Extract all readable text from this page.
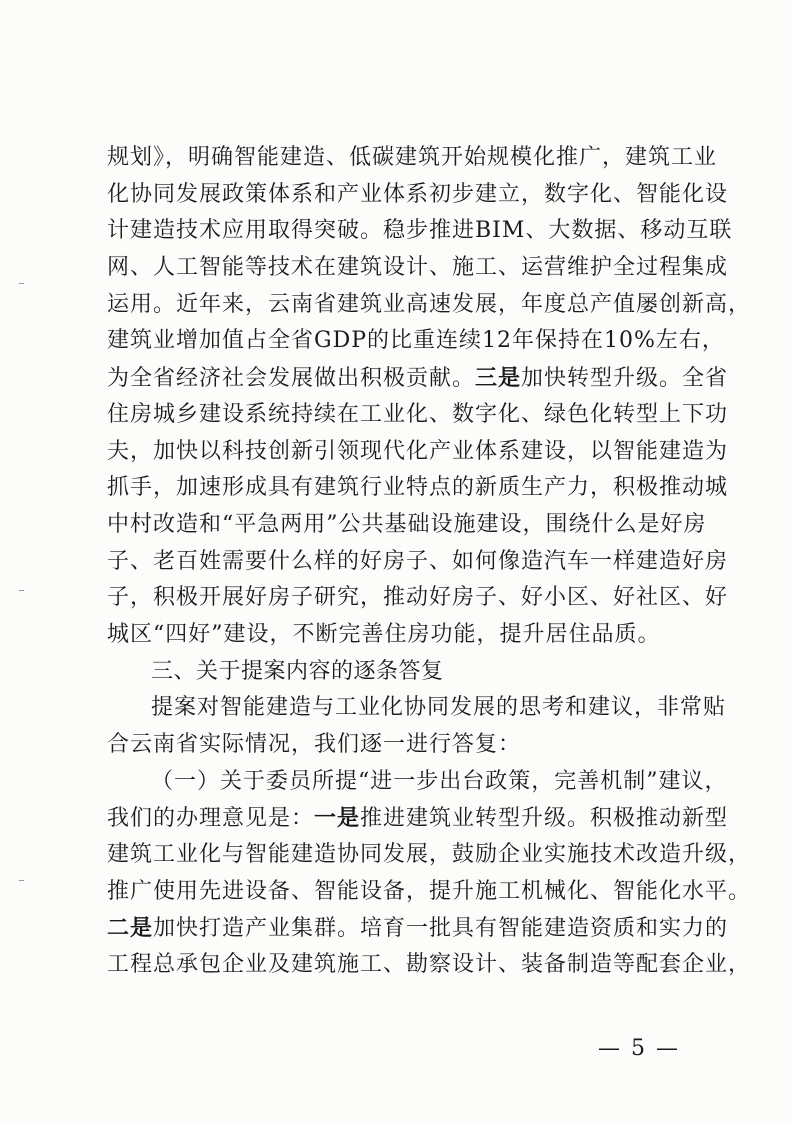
规划》，明确智能建造、低碳建筑开始规模化推广，建筑工业
化协同发展政策体系和产业体系初步建立，数字化、智能化设
计建造技术应用取得突破。稳步推进BIM、大数据、移动互联
网、人工智能等技术在建筑设计、施工、运营维护全过程集成
运用。近年来，云南省建筑业高速发展，年度总产值屡创新高，
建筑业增加值占全省GDP的比重连续12年保持在10%左右，
为全省经济社会发展做出积极贡献。三是加快转型升级。全省
住房城乡建设系统持续在工业化、数字化、绿色化转型上下功
夫，加快以科技创新引领现代化产业体系建设，以智能建造为
抓手，加速形成具有建筑行业特点的新质生产力，积极推动城
中村改造和“平急两用”公共基础设施建设，围绕什么是好房
子、老百姓需要什么样的好房子、如何像造汽车一样建造好房
子，积极开展好房子研究，推动好房子、好小区、好社区、好
城区“四好”建设，不断完善住房功能，提升居住品质。
三、关于提案内容的逐条答复
提案对智能建造与工业化协同发展的思考和建议，非常贴
合云南省实际情况，我们逐一进行答复：
（一）关于委员所提“进一步出台政策，完善机制”建议，
我们的办理意见是：一是推进建筑业转型升级。积极推动新型
建筑工业化与智能建造协同发展，鼓励企业实施技术改造升级，
推广使用先进设备、智能设备，提升施工机械化、智能化水平。
二是加快打造产业集群。培育一批具有智能建造资质和实力的
工程总承包企业及建筑施工、勘察设计、装备制造等配套企业，
— 5 —
